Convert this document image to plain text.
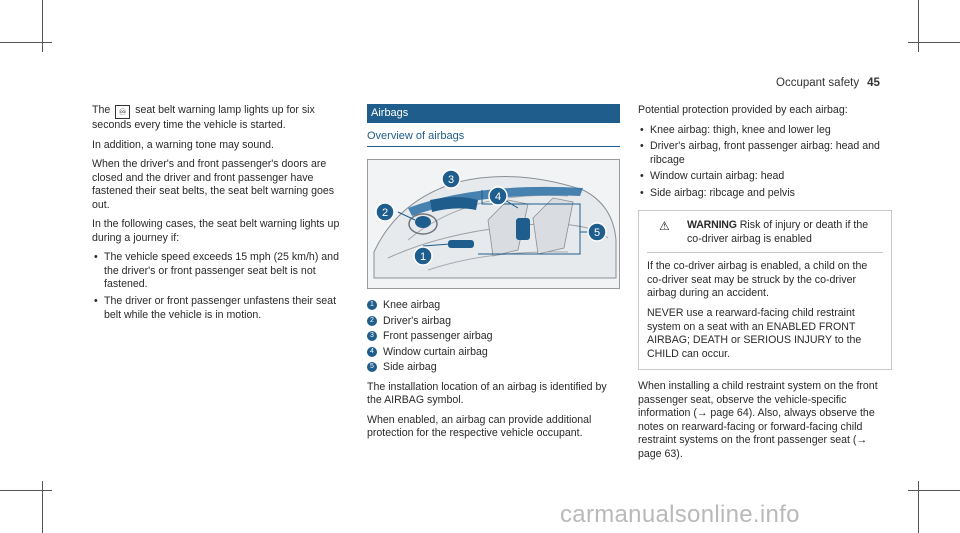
Occupant safety 45

The ♾ seat belt warning lamp lights up for six seconds every time the vehicle is started.

In addition, a warning tone may sound.

When the driver's and front passenger's doors are closed and the driver and front passenger have fastened their seat belts, the seat belt warning goes out.

In the following cases, the seat belt warning lights up during a journey if:

• The vehicle speed exceeds 15 mph (25 km/h) and the driver's or front passenger seat belt is not fastened.
• The driver or front passenger unfastens their seat belt while the vehicle is in motion.
Airbags
Overview of airbags
3
4
2
1
5
1 Knee airbag
2 Driver's airbag
3 Front passenger airbag
4 Window curtain airbag
5 Side airbag

The installation location of an airbag is identified by the AIRBAG symbol.

When enabled, an airbag can provide additional protection for the respective vehicle occupant.

Potential protection provided by each airbag:

• Knee airbag: thigh, knee and lower leg
• Driver's airbag, front passenger airbag: head and ribcage
• Window curtain airbag: head
• Side airbag: ribcage and pelvis
⚠ WARNING Risk of injury or death if the co-driver airbag is enabled

If the co-driver airbag is enabled, a child on the co-driver seat may be struck by the co-driver airbag during an accident.

NEVER use a rearward-facing child restraint system on a seat with an ENABLED FRONT AIRBAG; DEATH or SERIOUS INJURY to the CHILD can occur.

When installing a child restraint system on the front passenger seat, observe the vehicle-specific information (→ page 64). Also, always observe the notes on rearward-facing or forward-facing child restraint systems on the front passenger seat (→ page 63).

carmanualsonline.info
